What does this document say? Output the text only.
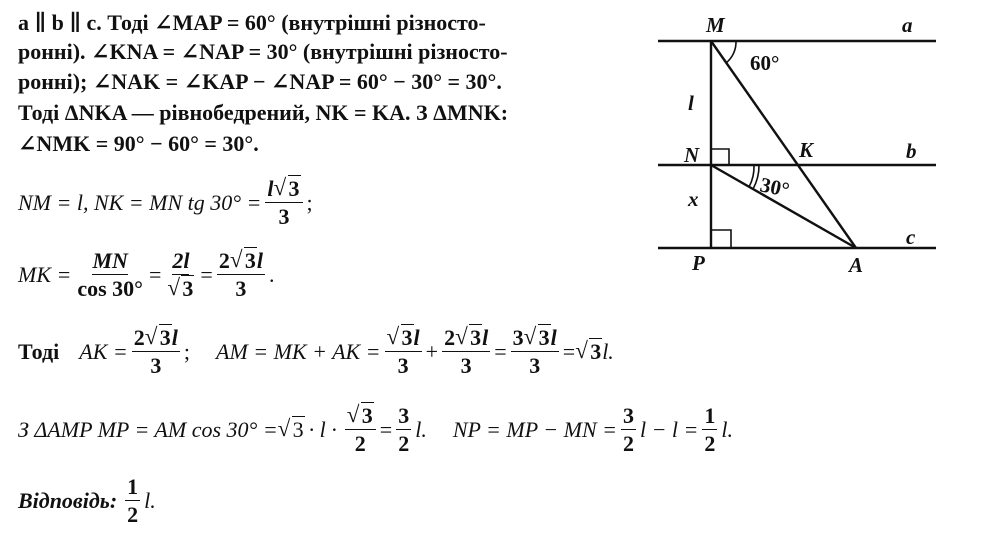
a ∥ b ∥ c. Тоді ∠MAP = 60° (внутрішні різносто-
ронні). ∠KNA = ∠NAP = 30° (внутрішні різносто-
ронні); ∠NAK = ∠KAP − ∠NAP = 60° − 30° = 30°.
Тоді ΔNKA — рівнобедрений, NK = KA. З ΔMNK:
∠NMK = 90° − 60° = 30°.
NM = l, NK = MN tg $30^\circ = \frac{l √ 3}{3}$ ;
MK = $\frac{MN}{\cos 30^\circ} = 2l$
√ $3 = \frac{2 √ 3l}{3}$ .
Тоді AK = $\frac{2 √ 3l}{3}$ ; AM = MK + AK = √ $\frac{3l}{3} + \frac{2 √ 3l}{3} = \frac{3 √ 3l}{3}$ = √ 3 l.
З ΔAMP MP = AM cos 30° = √ 3 · l · √ $\frac{3}{2} = \frac{3}{2} l$. NP = MP − MN = $\frac{3}{2}$ $l - l = \frac{1}{2} l$.
Відповідь: $\frac{1}{2} l$.
M	a
N	K	b
P	A
c
l
x
60°
30°
